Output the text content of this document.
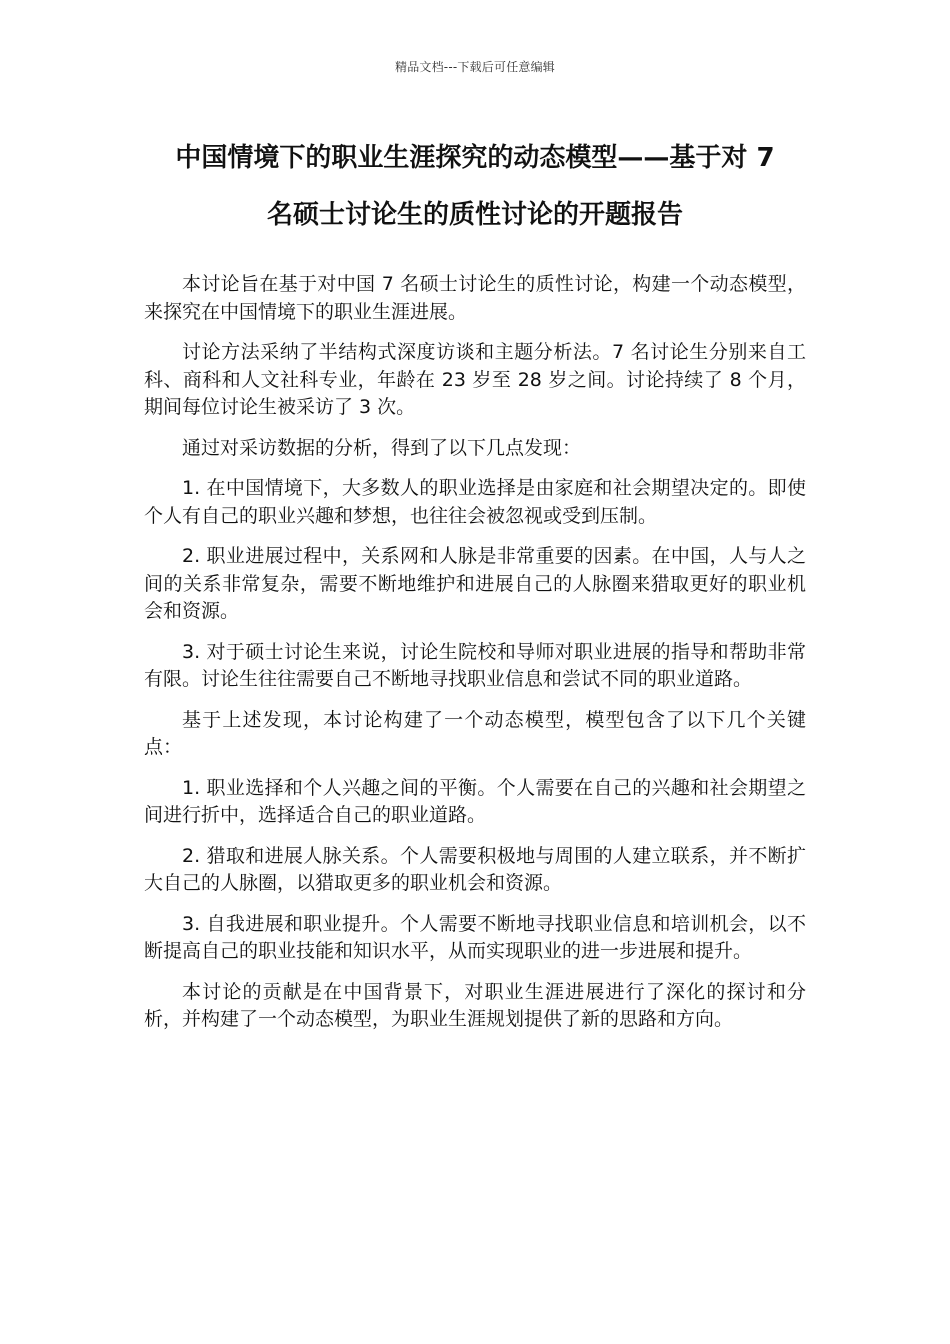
精品文档---下载后可任意编辑
中国情境下的职业生涯探究的动态模型——基于对 7
名硕士讨论生的质性讨论的开题报告

本讨论旨在基于对中国 7 名硕士讨论生的质性讨论，构建一个动态模型，来探究在中国情境下的职业生涯进展。

讨论方法采纳了半结构式深度访谈和主题分析法。7 名讨论生分别来自工科、商科和人文社科专业，年龄在 23 岁至 28 岁之间。讨论持续了 8 个月，期间每位讨论生被采访了 3 次。

通过对采访数据的分析，得到了以下几点发现：

1. 在中国情境下，大多数人的职业选择是由家庭和社会期望决定的。即使个人有自己的职业兴趣和梦想，也往往会被忽视或受到压制。

2. 职业进展过程中，关系网和人脉是非常重要的因素。在中国，人与人之间的关系非常复杂，需要不断地维护和进展自己的人脉圈来猎取更好的职业机会和资源。

3. 对于硕士讨论生来说，讨论生院校和导师对职业进展的指导和帮助非常有限。讨论生往往需要自己不断地寻找职业信息和尝试不同的职业道路。

基于上述发现，本讨论构建了一个动态模型，模型包含了以下几个关键点：

1. 职业选择和个人兴趣之间的平衡。个人需要在自己的兴趣和社会期望之间进行折中，选择适合自己的职业道路。

2. 猎取和进展人脉关系。个人需要积极地与周围的人建立联系，并不断扩大自己的人脉圈，以猎取更多的职业机会和资源。

3. 自我进展和职业提升。个人需要不断地寻找职业信息和培训机会，以不断提高自己的职业技能和知识水平，从而实现职业的进一步进展和提升。

本讨论的贡献是在中国背景下，对职业生涯进展进行了深化的探讨和分析，并构建了一个动态模型，为职业生涯规划提供了新的思路和方向。
